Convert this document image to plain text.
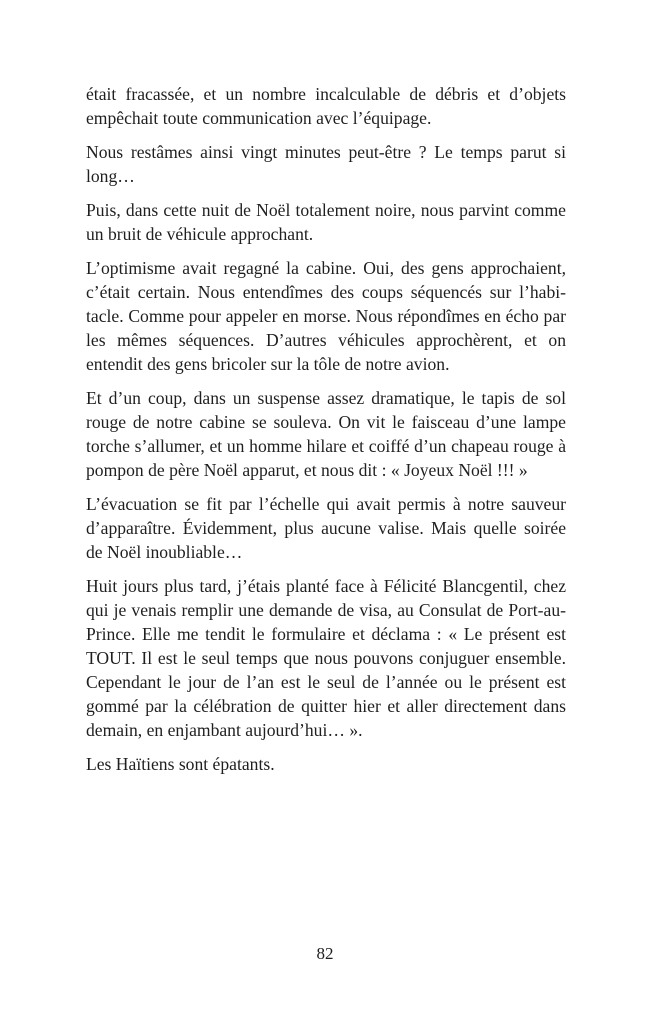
était fracassée, et un nombre incalculable de débris et d’objets empêchait toute communication avec l’équipage.

Nous restâmes ainsi vingt minutes peut-être ? Le temps parut si long…

Puis, dans cette nuit de Noël totalement noire, nous parvint comme un bruit de véhicule approchant.

L’optimisme avait regagné la cabine. Oui, des gens approchaient, c’était certain. Nous entendîmes des coups séquencés sur l’habitacle. Comme pour appeler en morse. Nous répondîmes en écho par les mêmes séquences. D’autres véhicules approchèrent, et on entendit des gens bricoler sur la tôle de notre avion.

Et d’un coup, dans un suspense assez dramatique, le tapis de sol rouge de notre cabine se souleva. On vit le faisceau d’une lampe torche s’allumer, et un homme hilare et coiffé d’un chapeau rouge à pompon de père Noël apparut, et nous dit : « Joyeux Noël !!! »

L’évacuation se fit par l’échelle qui avait permis à notre sauveur d’apparaître. Évidemment, plus aucune valise. Mais quelle soirée de Noël inoubliable…

Huit jours plus tard, j’étais planté face à Félicité Blancgentil, chez qui je venais remplir une demande de visa, au Consulat de Port-au-Prince. Elle me tendit le formulaire et déclama : « Le présent est TOUT. Il est le seul temps que nous pouvons conjuguer ensemble. Cependant le jour de l’an est le seul de l’année ou le présent est gommé par la célébration de quitter hier et aller directement dans demain, en enjambant aujourd’hui… ».

Les Haïtiens sont épatants.

82
